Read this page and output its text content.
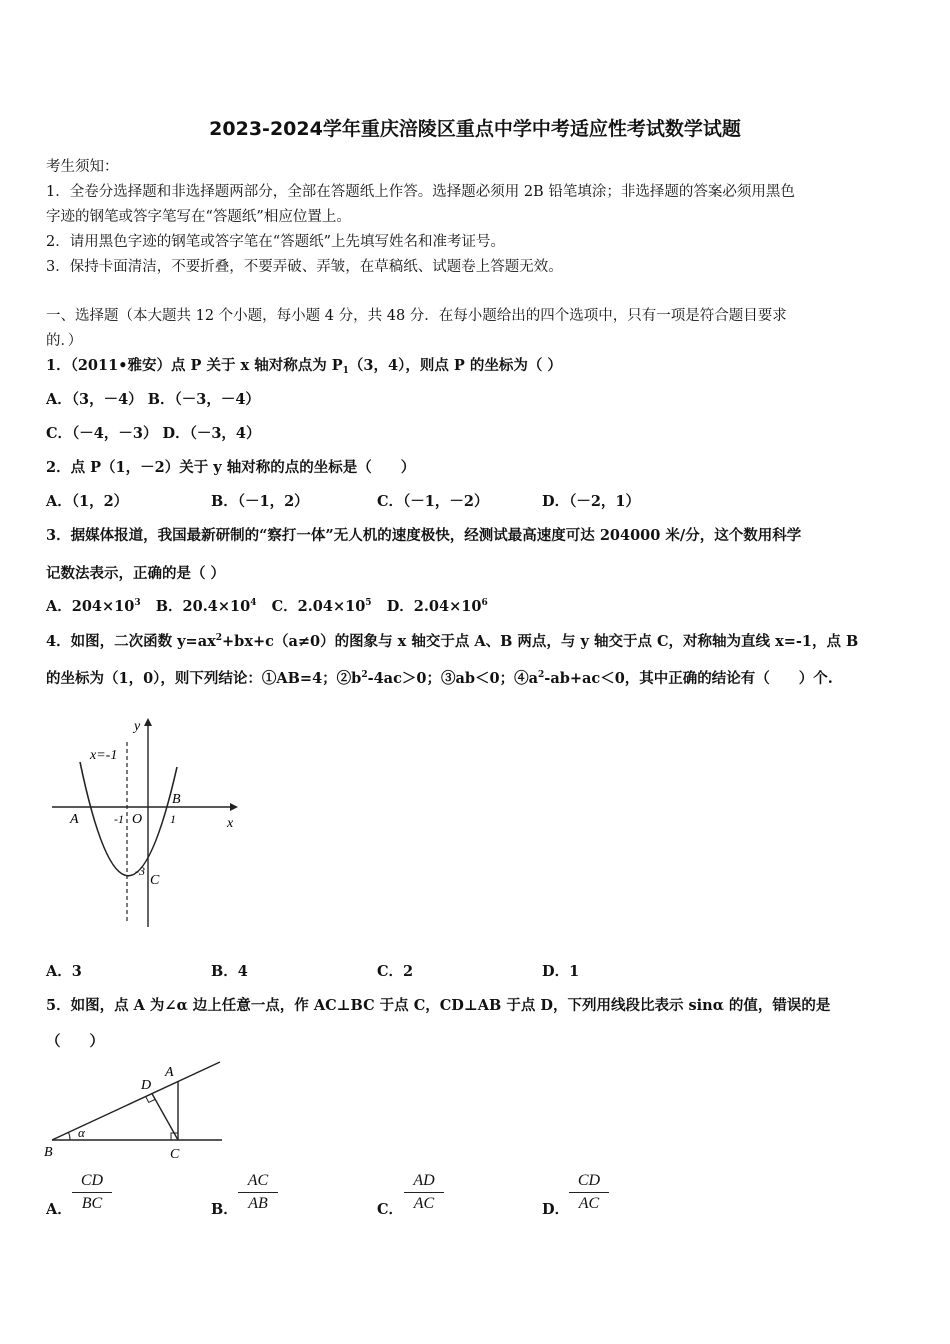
2023-2024学年重庆涪陵区重点中学中考适应性考试数学试题
考生须知：
1．全卷分选择题和非选择题两部分，全部在答题纸上作答。选择题必须用 2B 铅笔填涂；非选择题的答案必须用黑色
字迹的钢笔或答字笔写在“答题纸”相应位置上。
2．请用黑色字迹的钢笔或答字笔在“答题纸”上先填写姓名和准考证号。
3．保持卡面清洁，不要折叠，不要弄破、弄皱，在草稿纸、试题卷上答题无效。
一、选择题（本大题共 12 个小题，每小题 4 分，共 48 分．在每小题给出的四个选项中，只有一项是符合题目要求
的．）
1．（2011•雅安）点 P 关于 x 轴对称点为 $P_1(3$，4），则点 P 的坐标为（ ）
A．（3，－4） B．（－3，－4）
C．（－4，－3） D．（－3，4）
2．点 P（1，－2）关于 y 轴对称的点的坐标是（　　）
A．（1，2）	B．（－1，2）	C．（－1，－2）	D．（－2，1）
3．据媒体报道，我国最新研制的“察打一体”无人机的速度极快，经测试最高速度可达 204000 米/分，这个数用科学
记数法表示，正确的是（ ）
A．$204\times 10^3$ B．$20.4\times 10^4$ C．$2.04\times 10^5$ D．$2.04\times 10^6$
4．如图，二次函数 $y=ax^2+bx+c(a\ne 0)$的图象与 x 轴交于点 A、B 两点，与 y 轴交于点 C，对称轴为直线 x=-1，点 B
的坐标为（1，0），则下列结论：①AB=4；$②b^2-4ac>0$；③ab＜0；$④a^2-ab+ac<0$，其中正确的结论有（　　）个.
x=-1
y
x
A
B
C
O
-1	1
-3
A．3	B．4	C．2	D．1
5．如图，点 A 为∠α 边上任意一点，作 AC⊥BC 于点 C，CD⊥AB 于点 D，下列用线段比表示 sinα 的值，错误的是
（　　）
α
B	C
D
A
A． $\frac{CD}{BC}$	B． $\frac{AC}{AB}$	C． $\frac{AD}{AC}$	D． $\frac{CD}{AC}$
